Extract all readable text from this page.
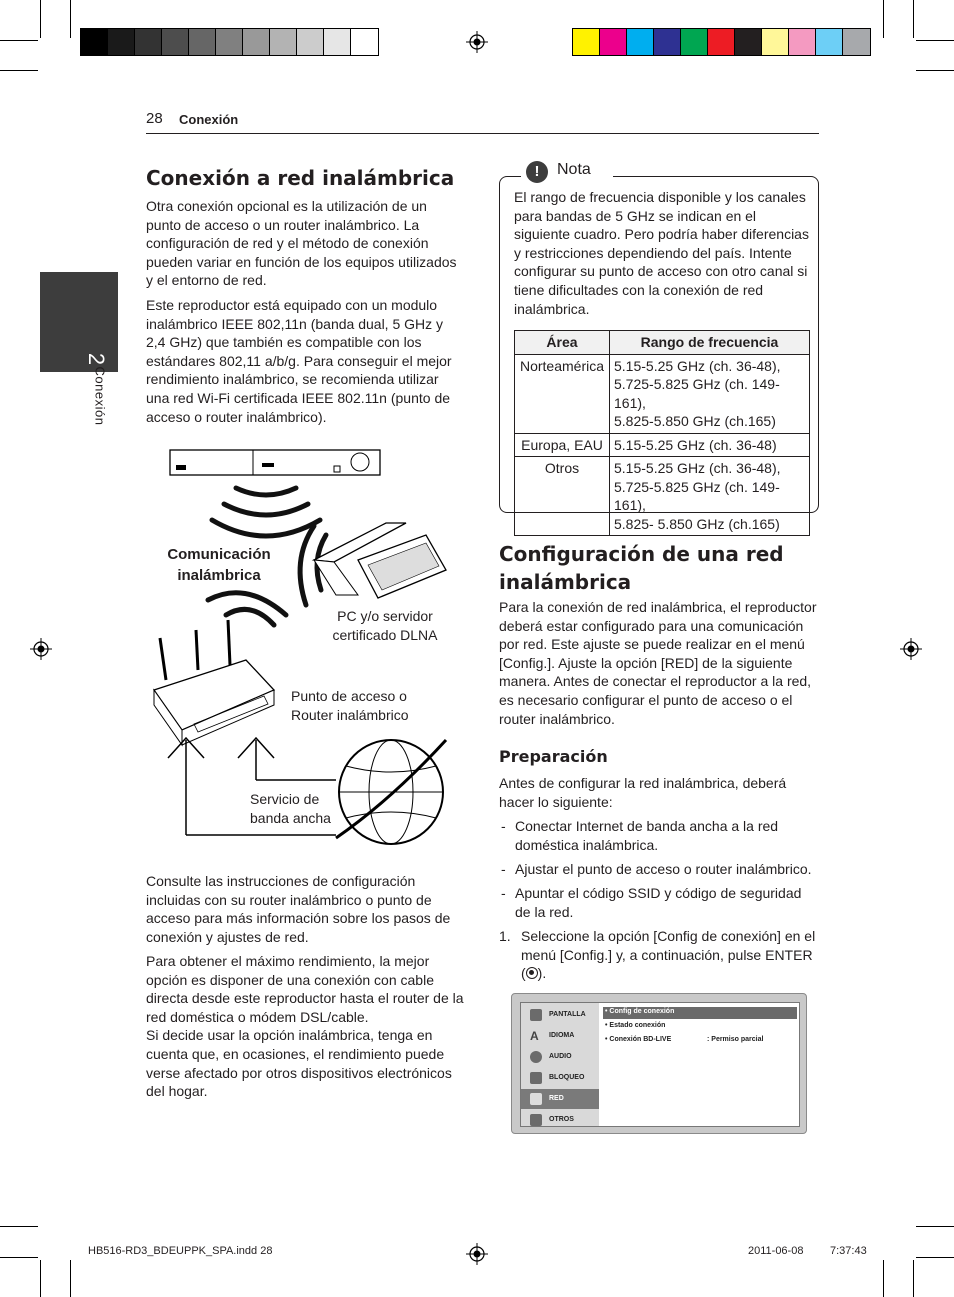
28 Conexión
2
Conexión
Conexión a red inalámbrica
Otra conexión opcional es la utilización de un punto de acceso o un router inalámbrico. La configuración de red y el método de conexión pueden variar en función de los equipos utilizados y el entorno de red.
Este reproductor está equipado con un modulo inalámbrico IEEE 802,11n (banda dual, 5 GHz y 2,4 GHz) que también es compatible con los estándares 802,11 a/b/g. Para conseguir el mejor rendimiento inalámbrico, se recomienda utilizar una red Wi-Fi certificada IEEE 802.11n (punto de acceso o router inalámbrico).
Comunicación
inalámbrica
PC y/o servidor
certificado DLNA
Punto de acceso o
Router inalámbrico
Servicio de
banda ancha
Consulte las instrucciones de configuración incluidas con su router inalámbrico o punto de acceso para más información sobre los pasos de conexión y ajustes de red.
Para obtener el máximo rendimiento, la mejor opción es disponer de una conexión con cable directa desde este reproductor hasta el router de la red doméstica o módem DSL/cable.
Si decide usar la opción inalámbrica, tenga en cuenta que, en ocasiones, el rendimiento puede verse afectado por otros dispositivos electrónicos del hogar.
!	Nota
El rango de frecuencia disponible y los canales para bandas de 5 GHz se indican en el siguiente cuadro. Pero podría haber diferencias y restricciones dependiendo del país. Intente configurar su punto de acceso con otro canal si tiene dificultades con la conexión de red inalámbrica.
Área	Rango de frecuencia
Norteamérica	5.15-5.25 GHz (ch. 36-48),
5.725-5.825 GHz (ch. 149-161),
5.825-5.850 GHz (ch.165)

Europa, EAU	5.15-5.25 GHz (ch. 36-48)

Otros	5.15-5.25 GHz (ch. 36-48),
5.725-5.825 GHz (ch. 149-161),
5.825- 5.850 GHz (ch.165)
Configuración de una red inalámbrica
Para la conexión de red inalámbrica, el reproductor deberá estar configurado para una comunicación por red. Este ajuste se puede realizar en el menú [Config.]. Ajuste la opción [RED] de la siguiente manera. Antes de conectar el reproductor a la red, es necesario configurar el punto de acceso o el router inalámbrico.
Preparación
Antes de configurar la red inalámbrica, deberá hacer lo siguiente:
- Conectar Internet de banda ancha a la red doméstica inalámbrica.
- Ajustar el punto de acceso o router inalámbrico.
- Apuntar el código SSID y código de seguridad de la red.
1. Seleccione la opción [Config de conexión] en el menú [Config.] y, a continuación, pulse ENTER ( ).
PANTALLA
A	IDIOMA
AUDIO
BLOQUEO
RED
OTROS
• Config de conexión
• Estado conexión
• Conexión BD-LIVE	: Permiso parcial
HB516-RD3_BDEUPPK_SPA.indd 28	2011-06-08 7:37:43
